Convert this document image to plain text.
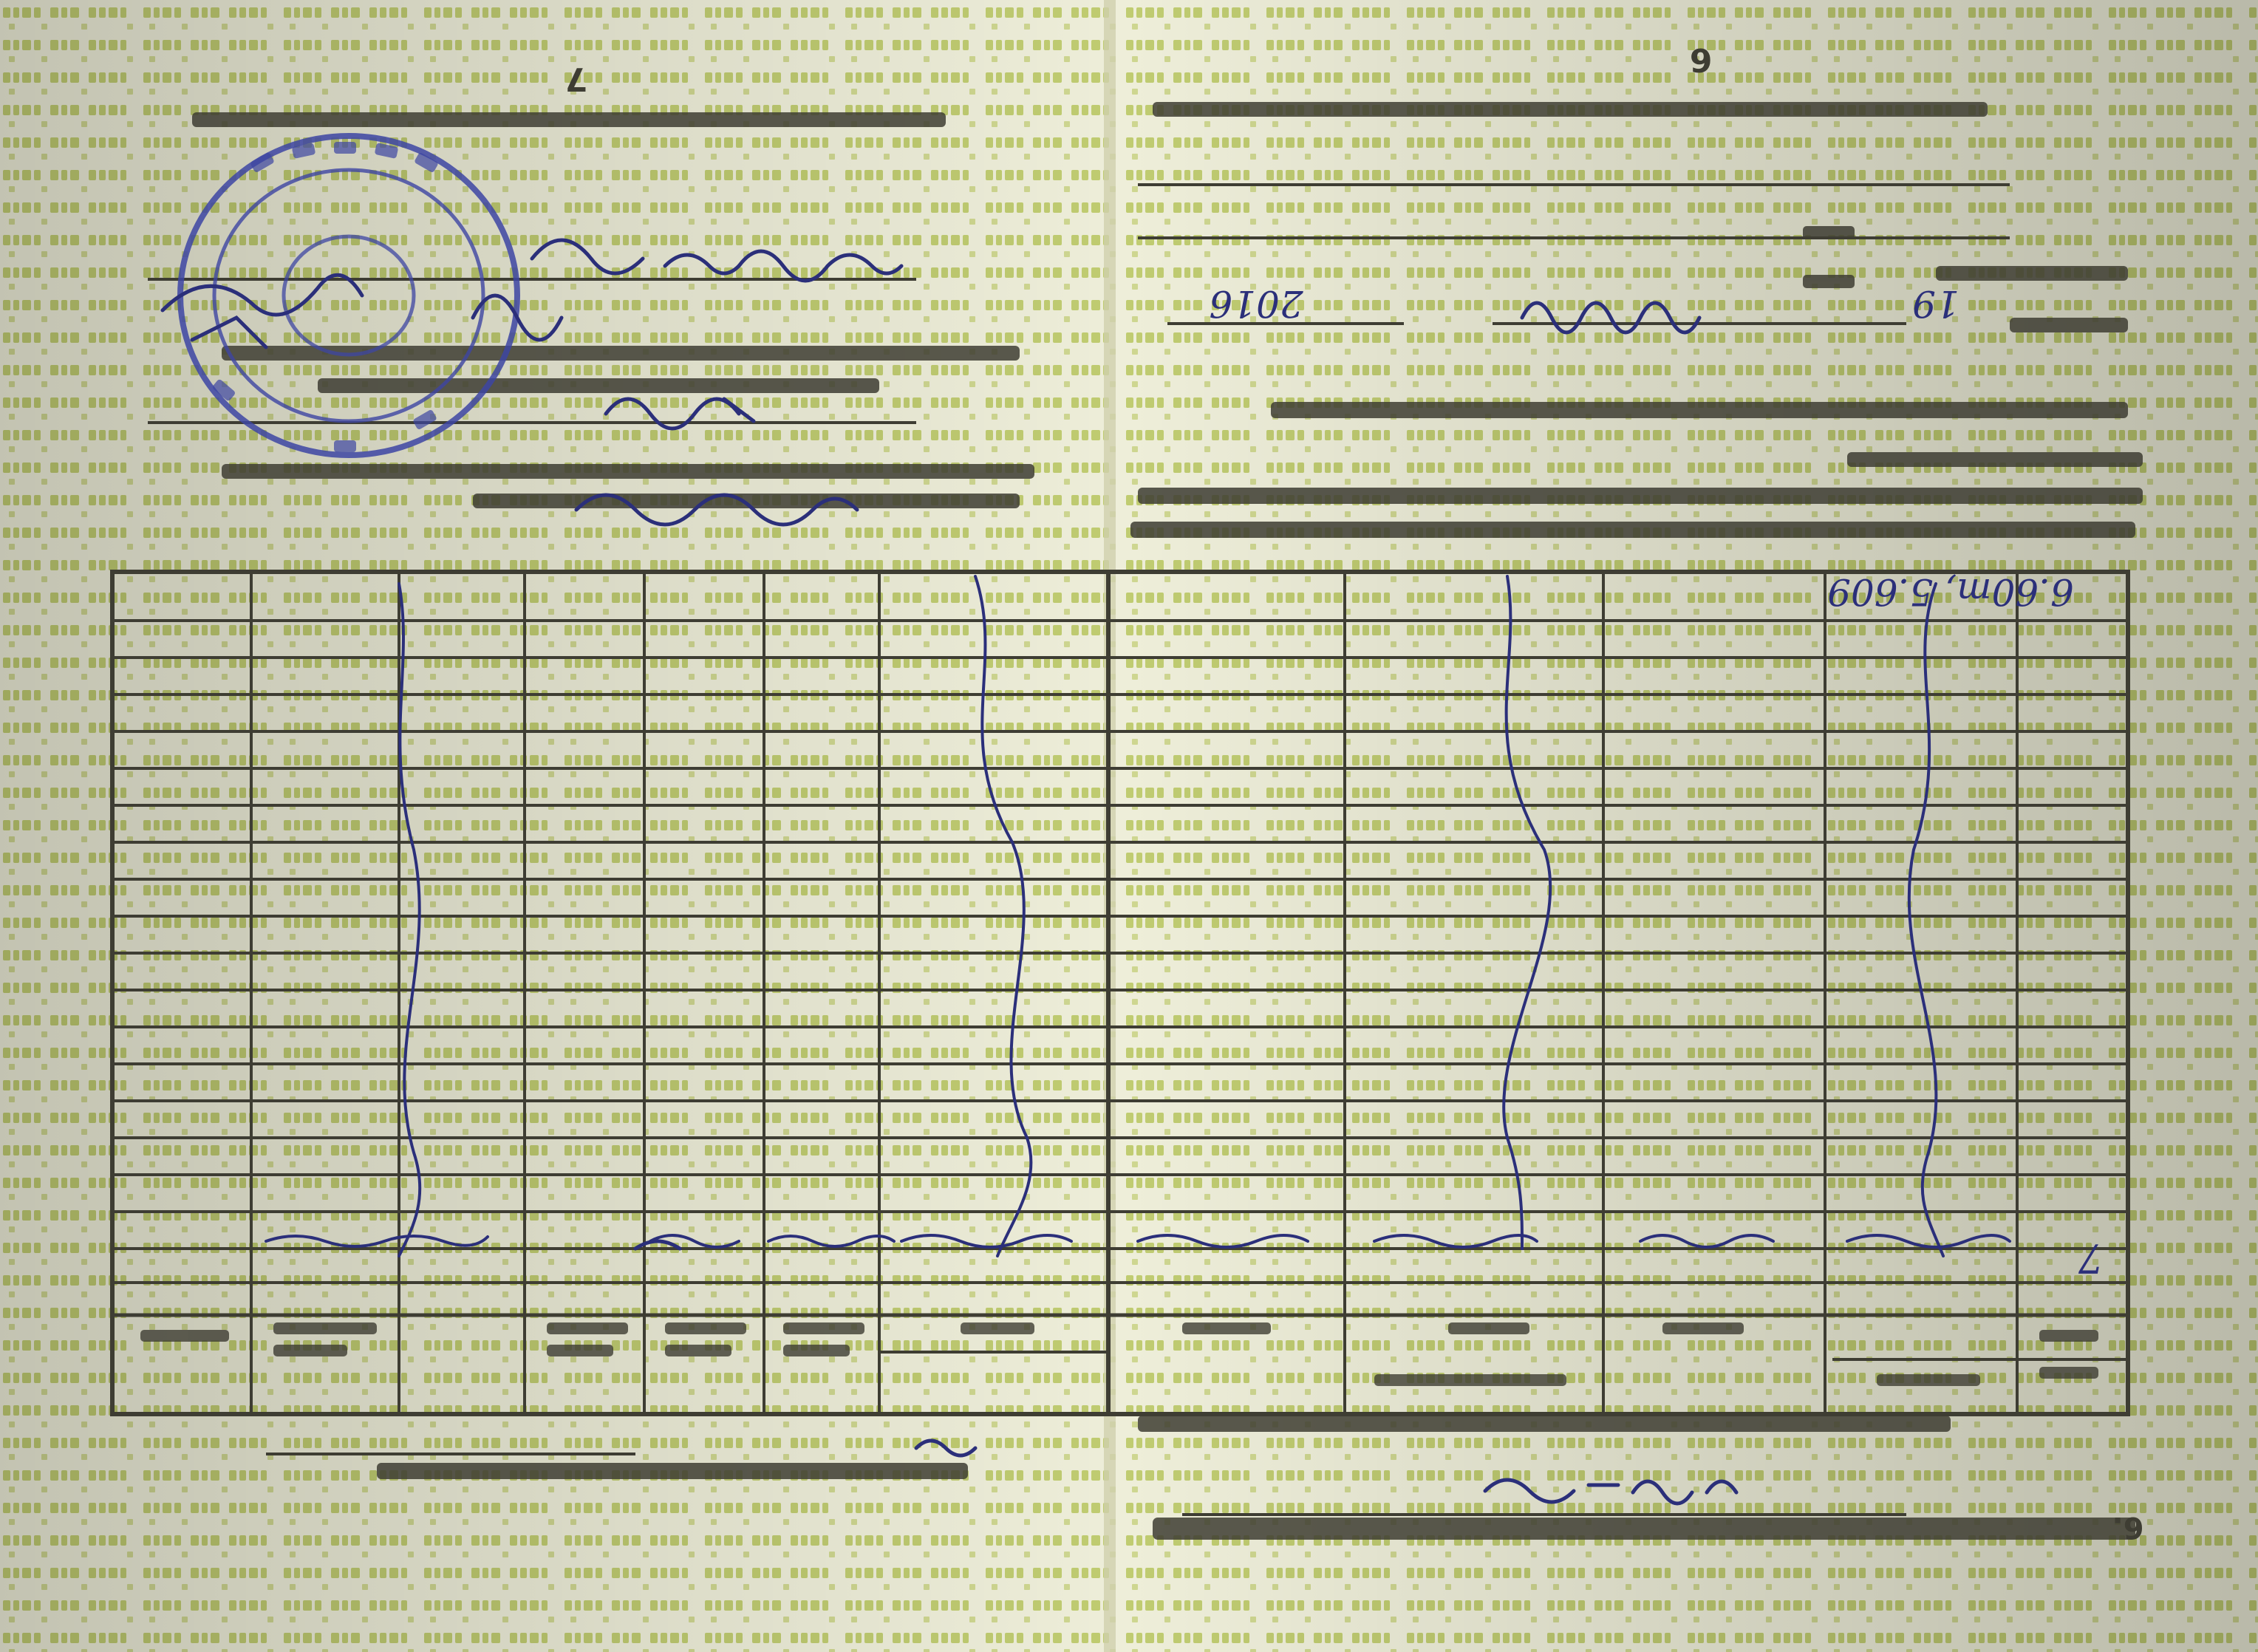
7
6
6.60m, 5.609
7
6.
19
2016
